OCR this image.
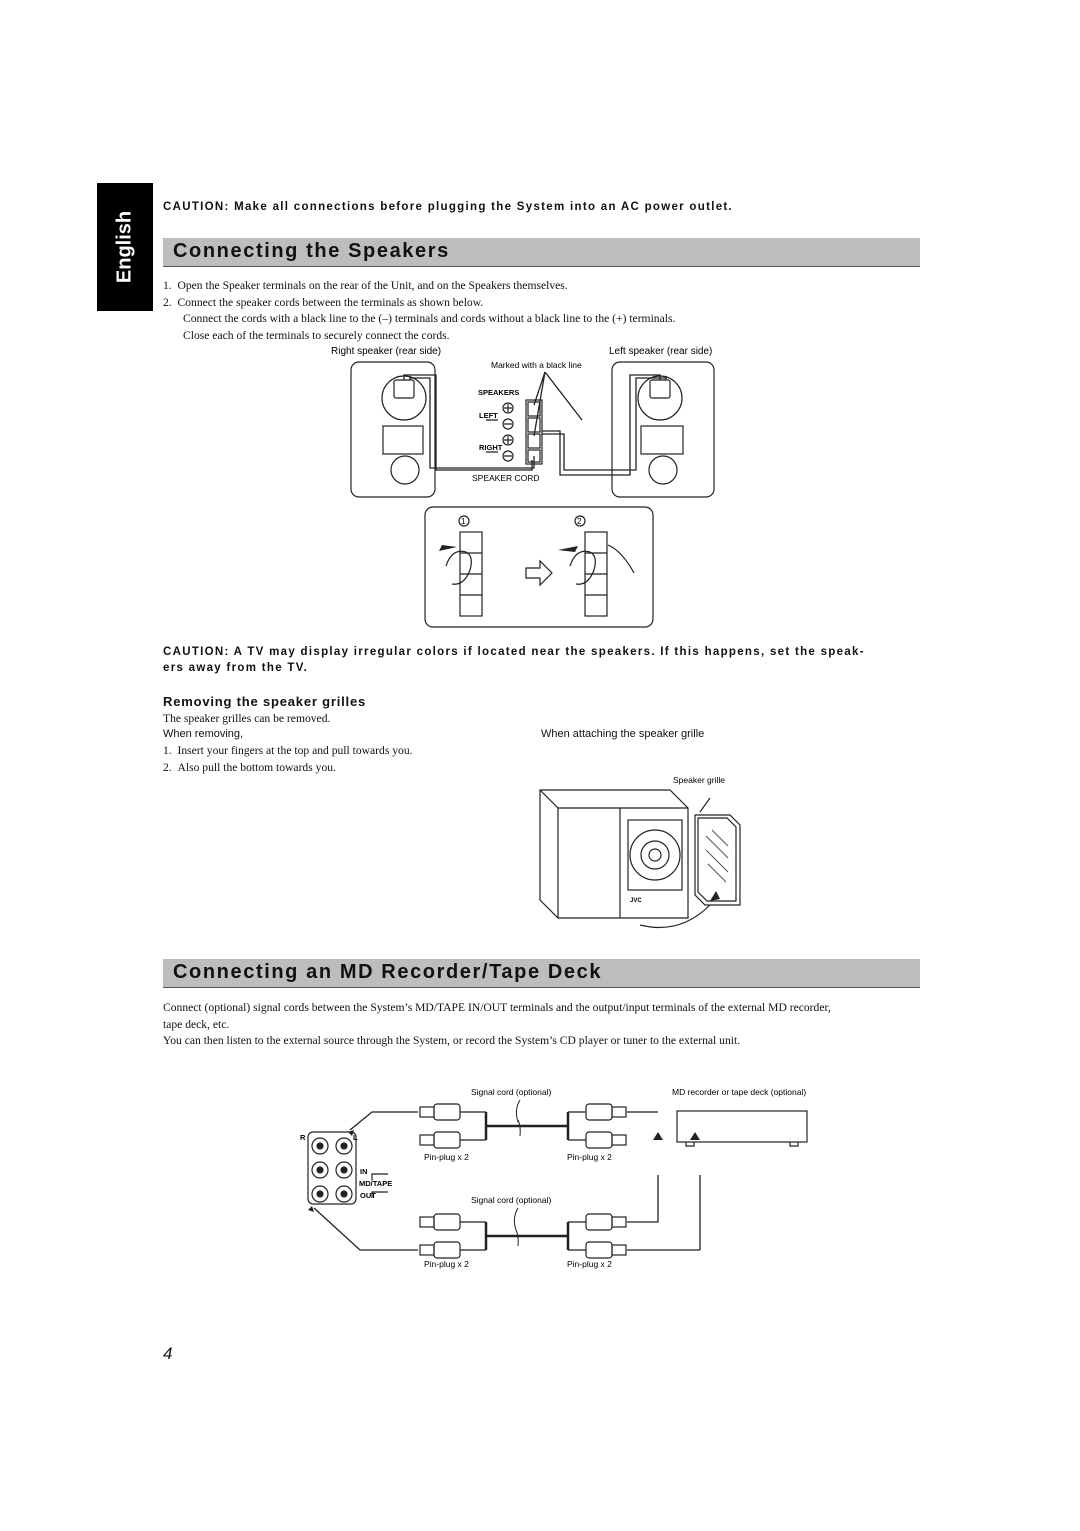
English
CAUTION: Make all connections before plugging the System into an AC power outlet.
Connecting the Speakers
1.  Open the Speaker terminals on the rear of the Unit, and on the Speakers themselves.
2.  Connect the speaker cords between the terminals as shown below.
Connect the cords with a black line to the (–) terminals and cords without a black line to the (+) terminals.
Close each of the terminals to securely connect the cords.
Right speaker (rear side)	Left speaker (rear side)
Marked with a black line
SPEAKERS
LEFT
RIGHT
SPEAKER CORD
1	2
CAUTION: A TV may display irregular colors if located near the speakers. If this happens, set the speak-
ers away from the TV.
Removing the speaker grilles
The speaker grilles can be removed.
When removing,
1.  Insert your fingers at the top and pull towards you.
2.  Also pull the bottom towards you.
When attaching the speaker grille
Speaker grille
JVC
Connecting an MD Recorder/Tape Deck
Connect (optional) signal cords between the System’s MD/TAPE IN/OUT terminals and the output/input terminals of the external MD recorder,
tape deck, etc.
You can then listen to the external source through the System, or record the System’s CD player or tuner to the external unit.
Signal cord (optional)	MD recorder or tape deck (optional)
Signal cord (optional)
Pin-plug x 2	Pin-plug x 2
Pin-plug x 2	Pin-plug x 2
R	L
IN
MD/TAPE
OUT
4
